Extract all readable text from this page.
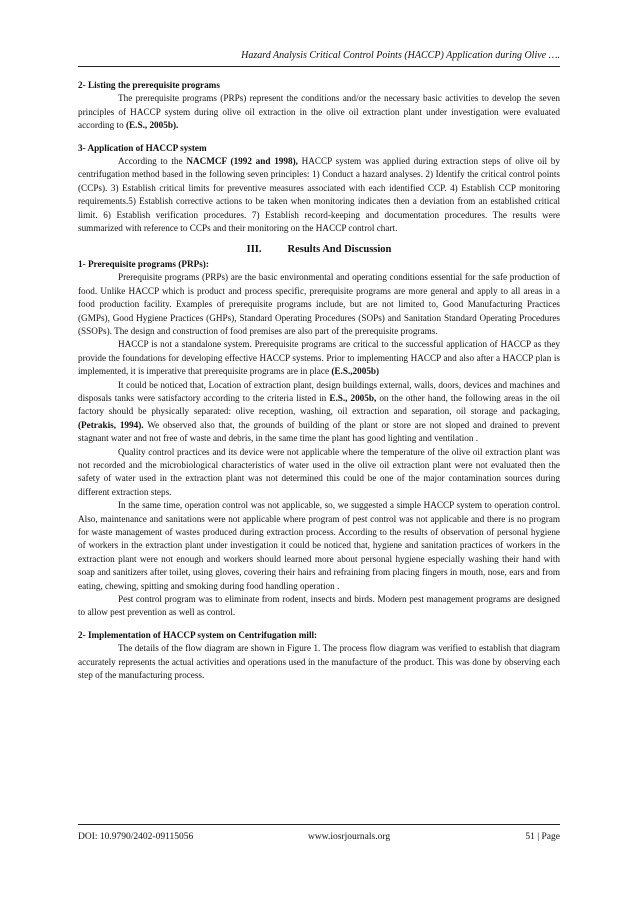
Hazard Analysis Critical Control Points (HACCP) Application during Olive ….

2- Listing the prerequisite programs

The prerequisite programs (PRPs) represent the conditions and/or the necessary basic activities to develop the seven principles of HACCP system during olive oil extraction in the olive oil extraction plant under investigation were evaluated according to (E.S., 2005b).

3- Application of HACCP system

According to the NACMCF (1992 and 1998), HACCP system was applied during extraction steps of olive oil by centrifugation method based in the following seven principles: 1) Conduct a hazard analyses. 2) Identify the critical control points (CCPs). 3) Establish critical limits for preventive measures associated with each identified CCP. 4) Establish CCP monitoring requirements.5) Establish corrective actions to be taken when monitoring indicates then a deviation from an established critical limit. 6) Establish verification procedures. 7) Establish record-keeping and documentation procedures. The results were summarized with reference to CCPs and their monitoring on the HACCP control chart.

III. Results And Discussion

1- Prerequisite programs (PRPs):

Prerequisite programs (PRPs) are the basic environmental and operating conditions essential for the safe production of food. Unlike HACCP which is product and process specific, prerequisite programs are more general and apply to all areas in a food production facility. Examples of prerequisite programs include, but are not limited to, Good Manufacturing Practices (GMPs), Good Hygiene Practices (GHPs), Standard Operating Procedures (SOPs) and Sanitation Standard Operating Procedures (SSOPs). The design and construction of food premises are also part of the prerequisite programs.

HACCP is not a standalone system. Prerequisite programs are critical to the successful application of HACCP as they provide the foundations for developing effective HACCP systems. Prior to implementing HACCP and also after a HACCP plan is implemented, it is imperative that prerequisite programs are in place (E.S.,2005b)

It could be noticed that, Location of extraction plant, design buildings external, walls, doors, devices and machines and disposals tanks were satisfactory according to the criteria listed in E.S., 2005b, on the other hand, the following areas in the oil factory should be physically separated: olive reception, washing, oil extraction and separation, oil storage and packaging, (Petrakis, 1994). We observed also that, the grounds of building of the plant or store are not sloped and drained to prevent stagnant water and not free of waste and debris, in the same time the plant has good lighting and ventilation .

Quality control practices and its device were not applicable where the temperature of the olive oil extraction plant was not recorded and the microbiological characteristics of water used in the olive oil extraction plant were not evaluated then the safety of water used in the extraction plant was not determined this could be one of the major contamination sources during different extraction steps.

In the same time, operation control was not applicable, so, we suggested a simple HACCP system to operation control. Also, maintenance and sanitations were not applicable where program of pest control was not applicable and there is no program for waste management of wastes produced during extraction process. According to the results of observation of personal hygiene of workers in the extraction plant under investigation it could be noticed that, hygiene and sanitation practices of workers in the extraction plant were not enough and workers should learned more about personal hygiene especially washing their hand with soap and sanitizers after toilet, using gloves, covering their hairs and refraining from placing fingers in mouth, nose, ears and from eating, chewing, spitting and smoking during food handling operation .

Pest control program was to eliminate from rodent, insects and birds. Modern pest management programs are designed to allow pest prevention as well as control.

2- Implementation of HACCP system on Centrifugation mill:

The details of the flow diagram are shown in Figure 1. The process flow diagram was verified to establish that diagram accurately represents the actual activities and operations used in the manufacture of the product. This was done by observing each step of the manufacturing process.

DOI: 10.9790/2402-09115056	www.iosrjournals.org	51 | Page
